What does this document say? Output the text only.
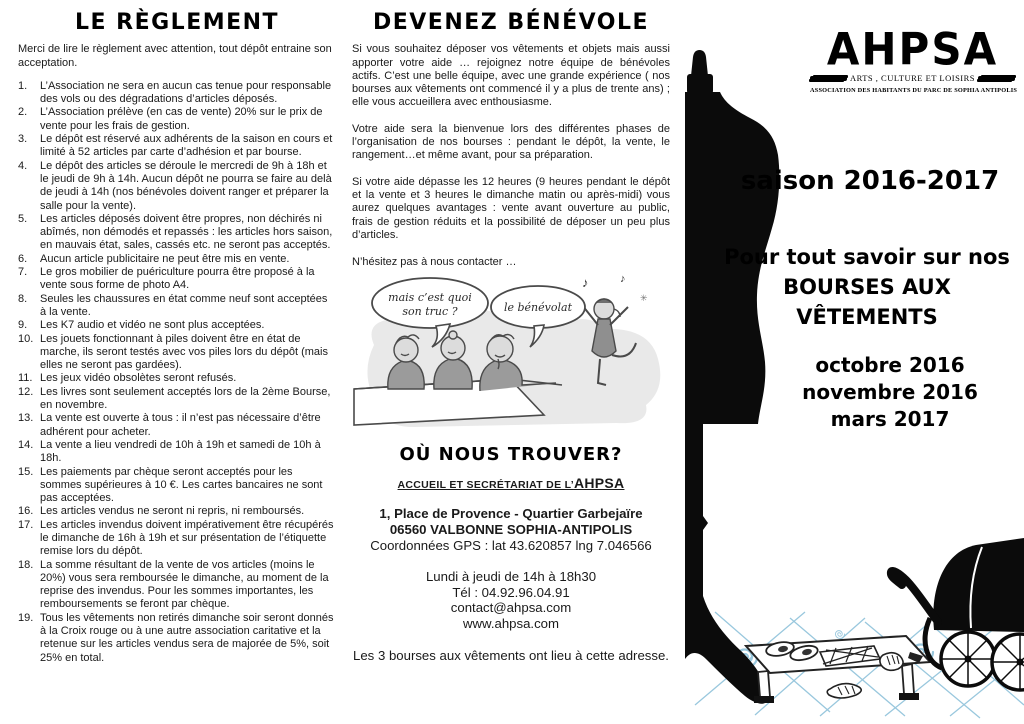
LE RÈGLEMENT

Merci de lire le règlement avec attention, tout dépôt entraine son acceptation.

1.	L’Association ne sera en aucun cas tenue pour responsable des vols ou des dégradations d’articles déposés.
2.	L’Association prélève (en cas de vente) 20% sur le prix de vente pour les frais de gestion.
3.	Le dépôt est réservé aux adhérents de la saison en cours et limité à 52 articles par carte d’adhésion et par bourse.
4.	Le dépôt des articles se déroule le mercredi de 9h à 18h et le jeudi de 9h à 14h. Aucun dépôt ne pourra se faire au delà de jeudi à 14h (nos bénévoles doivent ranger et préparer la salle pour la vente).
5.	Les articles déposés doivent être propres, non déchirés ni abîmés, non démodés et repassés : les articles hors saison, en mauvais état, sales, cassés etc. ne seront pas acceptés.
6.	Aucun article publicitaire ne peut être mis en vente.
7.	Le gros mobilier de puériculture pourra être proposé à la vente sous forme de photo A4.
8.	Seules les chaussures en état comme neuf sont acceptées à la vente.
9.	Les K7 audio et vidéo ne sont plus acceptées.
10. Les jouets fonctionnant à piles doivent être en état de marche, ils seront testés avec vos piles lors du dépôt (mais elles ne seront pas gardées).
11. Les jeux vidéo obsolètes seront refusés.
12. Les livres sont seulement acceptés lors de la 2ème Bourse, en novembre.
13. La vente est ouverte à tous : il n’est pas nécessaire d’être adhérent pour acheter.
14. La vente a lieu vendredi de 10h à 19h et samedi de 10h à 18h.
15. Les paiements par chèque seront acceptés pour les sommes supérieures à 10 €. Les cartes bancaires ne sont pas acceptées.
16. Les articles vendus ne seront ni repris, ni remboursés.
17. Les articles invendus doivent impérativement être récupérés le dimanche de 16h à 19h et sur présentation de l’étiquette remise lors du dépôt.
18. La somme résultant de la vente de vos articles (moins le 20%) vous sera remboursée le dimanche, au moment de la reprise des invendus. Pour les sommes importantes, les remboursements se feront par chèque.
19. Tous les vêtements non retirés dimanche soir seront donnés à la Croix rouge ou à une autre association caritative et la retenue sur les articles vendus sera de majorée de 5%, soit 25% en total.
DEVENEZ BÉNÉVOLE

Si vous souhaitez déposer vos vêtements et objets mais aussi apporter votre aide … rejoignez notre équipe de bénévoles actifs. C’est une belle équipe, avec une grande expérience ( nos bourses aux vêtements ont commencé il y a plus de trente ans) ; elle vous accueillera avec enthousiasme.

Votre aide sera la bienvenue lors des différentes phases de l’organisation de nos bourses : pendant le dépôt, la vente, le rangement…et même avant, pour sa préparation.

Si votre aide dépasse les 12 heures (9 heures pendant le dépôt et la vente et 3 heures le dimanche matin ou après-midi) vous aurez quelques avantages : vente avant ouverture au public, frais de gestion réduits et la possibilité de déposer un peu plus d’articles.

N’hésitez pas à nous contacter …

♪	♪
✳
mais c’est quoi
son truc ?	le bénévolat
OÙ NOUS TROUVER?

ACCUEIL ET SECRÉTARIAT DE L’AHPSA

1, Place de Provence - Quartier Garbejaïre

06560 VALBONNE SOPHIA-ANTIPOLIS

Coordonnées GPS : lat 43.620857 lng 7.046566

Lundi à jeudi de 14h à 18h30

Tél : 04.92.96.04.91

contact@ahpsa.com

www.ahpsa.com

Les 3 bourses aux vêtements ont lieu à cette adresse.

AHPSA
ARTS , CULTURE ET LOISIRS
ASSOCIATION DES HABITANTS DU PARC DE SOPHIA ANTIPOLIS
saison 2016-2017
Pour tout savoir sur nos
BOURSES AUX VÊTEMENTS
octobre 2016
novembre 2016
mars 2017
